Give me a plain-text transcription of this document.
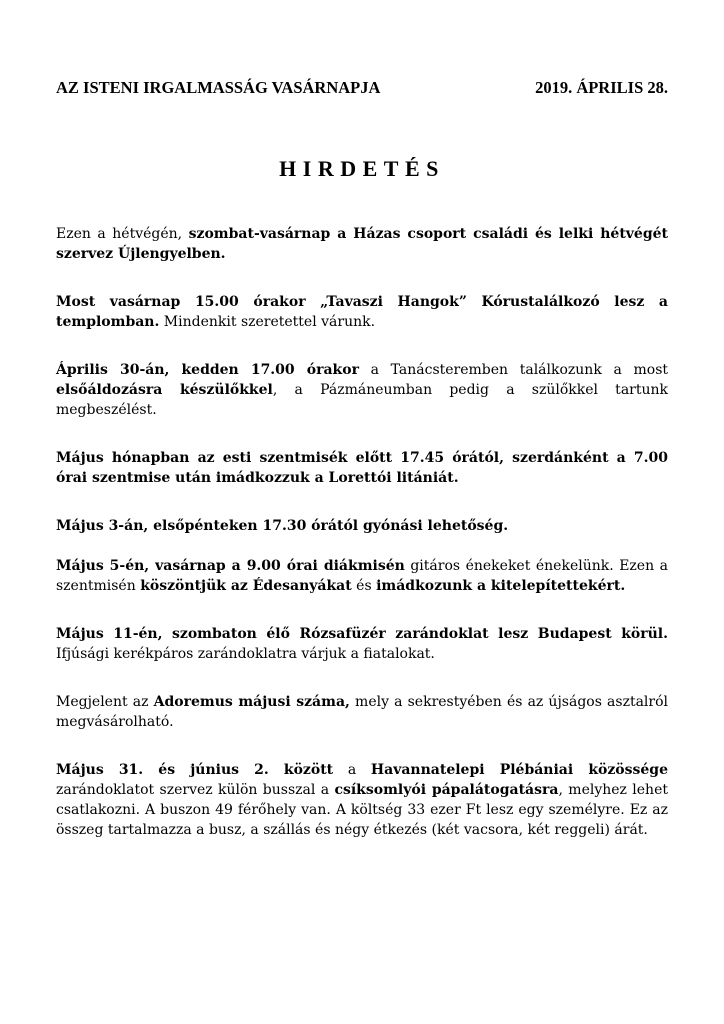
AZ ISTENI IRGALMASSÁG VASÁRNAPJA	2019. ÁPRILIS 28.
HIRDETÉS

Ezen a hétvégén, szombat-vasárnap a Házas csoport családi és lelki hétvégét szervez Újlengyelben.

Most vasárnap 15.00 órakor „Tavaszi Hangok” Kórustalálkozó lesz a templomban. Mindenkit szeretettel várunk.

Április 30-án, kedden 17.00 órakor a Tanácsteremben találkozunk a most elsőáldozásra készülőkkel, a Pázmáneumban pedig a szülőkkel tartunk megbeszélést.

Május hónapban az esti szentmisék előtt 17.45 órától, szerdánként a 7.00 órai szentmise után imádkozzuk a Lorettói litániát.

Május 3-án, elsőpénteken 17.30 órától gyónási lehetőség.

Május 5-én, vasárnap a 9.00 órai diákmisén gitáros énekeket énekelünk. Ezen a szentmisén köszöntjük az Édesanyákat és imádkozunk a kitelepítettekért.

Május 11-én, szombaton élő Rózsafüzér zarándoklat lesz Budapest körül. Ifjúsági kerékpáros zarándoklatra várjuk a fiatalokat.

Megjelent az Adoremus májusi száma, mely a sekrestyében és az újságos asztalról megvásárolható.

Május 31. és június 2. között a Havannatelepi Plébániai közössége zarándoklatot szervez külön busszal a csíksomlyói pápalátogatásra, melyhez lehet csatlakozni. A buszon 49 férőhely van. A költség 33 ezer Ft lesz egy személyre. Ez az összeg tartalmazza a busz, a szállás és négy étkezés (két vacsora, két reggeli) árát.
